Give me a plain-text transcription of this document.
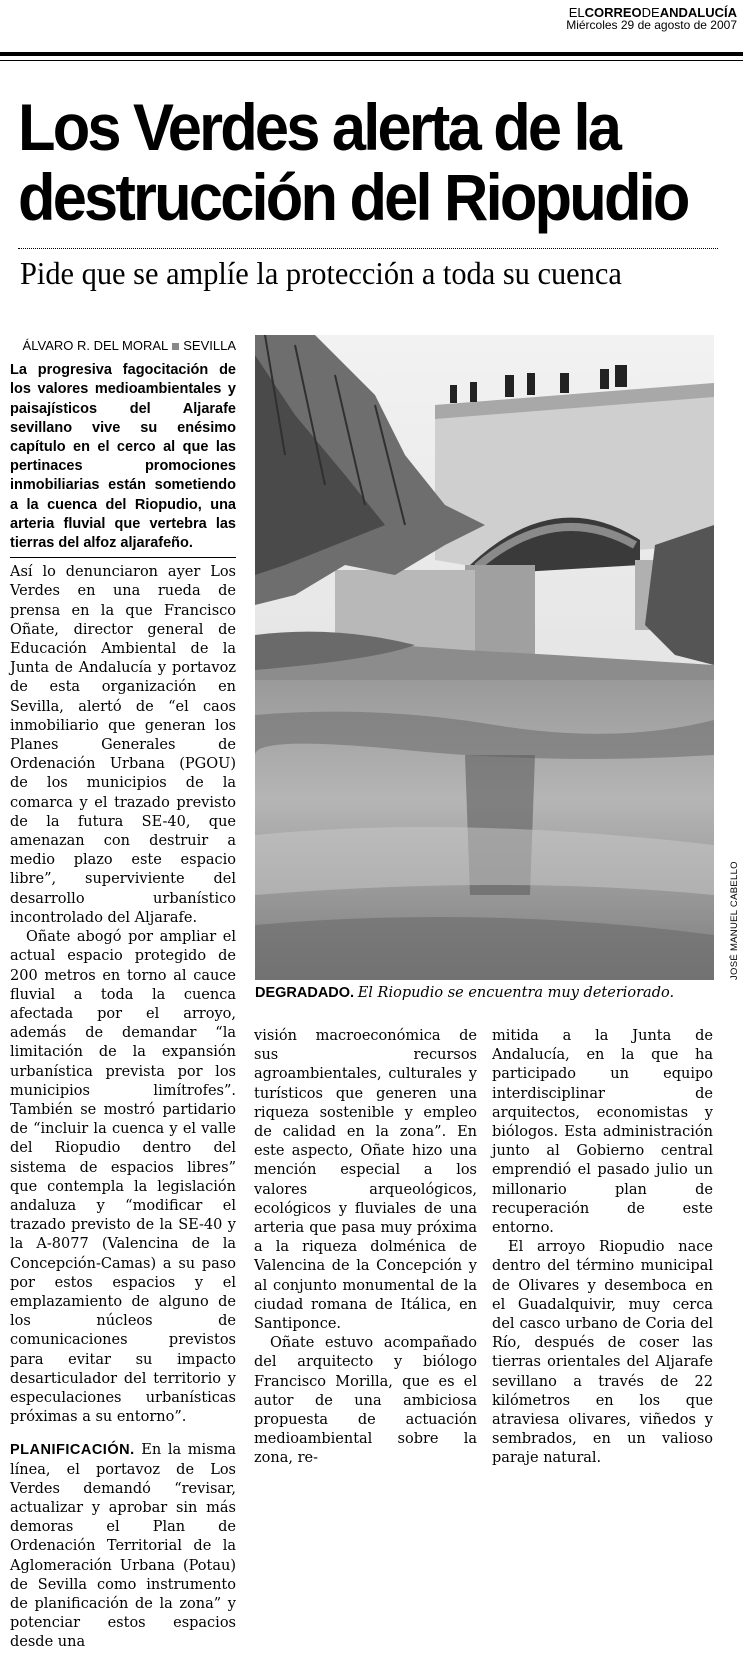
ELCORREODEANDALUCÍA
Miércoles 29 de agosto de 2007
Los Verdes alerta de la
destrucción del Riopudio
Pide que se amplíe la protección a toda su cuenca
ÁLVARO R. DEL MORAL SEVILLA
La progresiva fagocitación de los valores medioambientales y paisajísticos del Aljarafe sevillano vive su enésimo capítulo en el cerco al que las pertinaces promociones inmobiliarias están sometiendo a la cuenca del Riopudio, una arteria fluvial que vertebra las tierras del alfoz aljarafeño.

Así lo denunciaron ayer Los Verdes en una rueda de prensa en la que Francisco Oñate, director general de Educación Ambiental de la Junta de Andalucía y portavoz de esta organización en Sevilla, alertó de “el caos inmobiliario que generan los Planes Generales de Ordenación Urbana (PGOU) de los municipios de la comarca y el trazado previsto de la futura SE-40, que amenazan con destruir a medio plazo este espacio libre”, superviviente del desarrollo urbanístico incontrolado del Aljarafe.

Oñate abogó por ampliar el actual espacio protegido de 200 metros en torno al cauce fluvial a toda la cuenca afectada por el arroyo, además de demandar “la limitación de la expansión urbanística prevista por los municipios limítrofes”. También se mostró partidario de “incluir la cuenca y el valle del Riopudio dentro del sistema de espacios libres” que contempla la legislación andaluza y “modificar el trazado previsto de la SE-40 y la A-8077 (Valencina de la Concepción-Camas) a su paso por estos espacios y el emplazamiento de alguno de los núcleos de comunicaciones previstos para evitar su impacto desarticulador del territorio y especulaciones urbanísticas próximas a su entorno”.

PLANIFICACIÓN. En la misma línea, el portavoz de Los Verdes demandó “revisar, actualizar y aprobar sin más demoras el Plan de Ordenación Territorial de la Aglomeración Urbana (Potau) de Sevilla como instrumento de planificación de la zona” y potenciar estos espacios desde una

JOSÉ MANUEL CABELLO
DEGRADADO. El Riopudio se encuentra muy deteriorado.

visión macroeconómica de sus recursos agroambientales, culturales y turísticos que generen una riqueza sostenible y empleo de calidad en la zona”. En este aspecto, Oñate hizo una mención especial a los valores arqueológicos, ecológicos y fluviales de una arteria que pasa muy próxima a la riqueza dolménica de Valencina de la Concepción y al conjunto monumental de la ciudad romana de Itálica, en Santiponce.

Oñate estuvo acompañado del arquitecto y biólogo Francisco Morilla, que es el autor de una ambiciosa propuesta de actuación medioambiental sobre la zona, re-

mitida a la Junta de Andalucía, en la que ha participado un equipo interdisciplinar de arquitectos, economistas y biólogos. Esta administración junto al Gobierno central emprendió el pasado julio un millonario plan de recuperación de este entorno.

El arroyo Riopudio nace dentro del término municipal de Olivares y desemboca en el Guadalquivir, muy cerca del casco urbano de Coria del Río, después de coser las tierras orientales del Aljarafe sevillano a través de 22 kilómetros en los que atraviesa olivares, viñedos y sembrados, en un valioso paraje natural.
